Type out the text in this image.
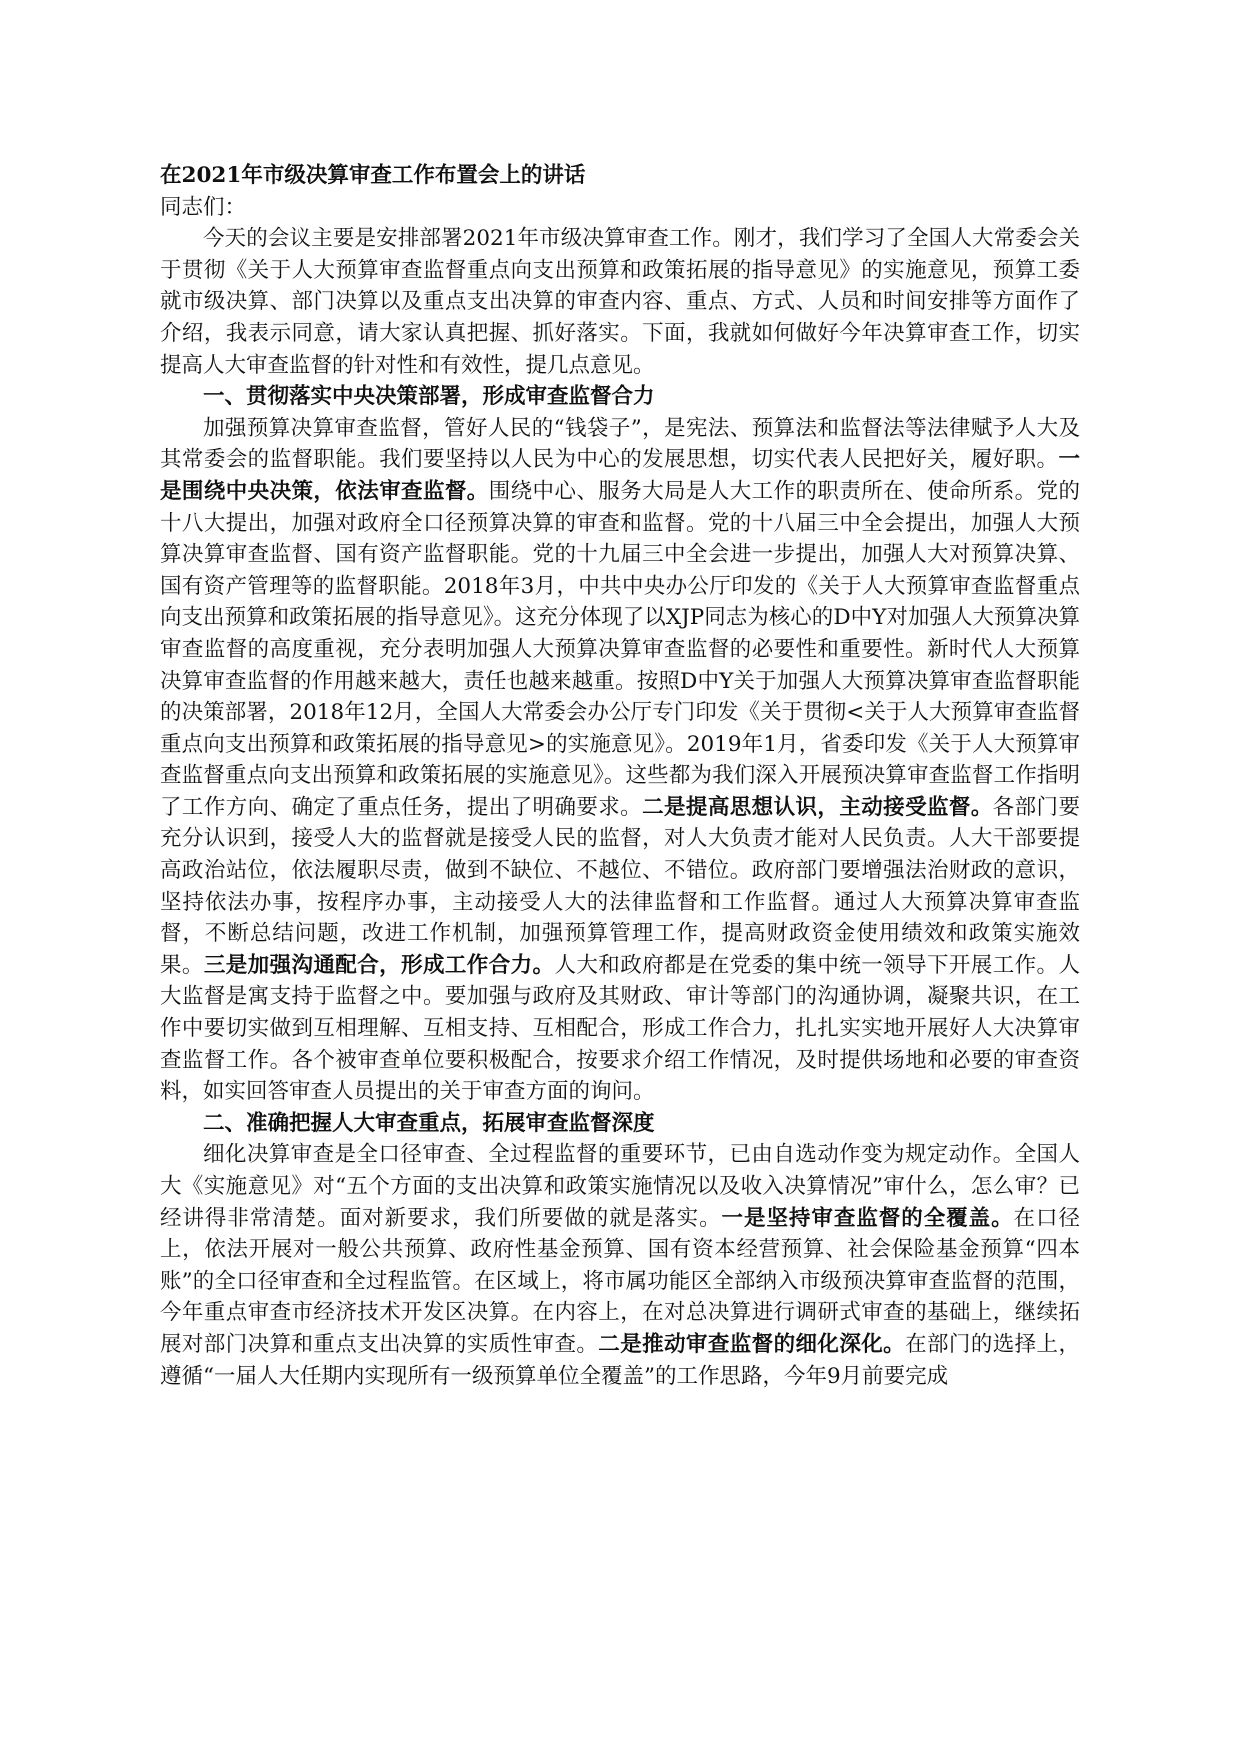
在2021年市级决算审查工作布置会上的讲话
同志们：

今天的会议主要是安排部署2021年市级决算审查工作。刚才，我们学习了全国人大常委会关于贯彻《关于人大预算审查监督重点向支出预算和政策拓展的指导意见》的实施意见，预算工委就市级决算、部门决算以及重点支出决算的审查内容、重点、方式、人员和时间安排等方面作了介绍，我表示同意，请大家认真把握、抓好落实。下面，我就如何做好今年决算审查工作，切实提高人大审查监督的针对性和有效性，提几点意见。

一、贯彻落实中央决策部署，形成审查监督合力

加强预算决算审查监督，管好人民的“钱袋子”，是宪法、预算法和监督法等法律赋予人大及其常委会的监督职能。我们要坚持以人民为中心的发展思想，切实代表人民把好关，履好职。一是围绕中央决策，依法审查监督。围绕中心、服务大局是人大工作的职责所在、使命所系。党的十八大提出，加强对政府全口径预算决算的审查和监督。党的十八届三中全会提出，加强人大预算决算审查监督、国有资产监督职能。党的十九届三中全会进一步提出，加强人大对预算决算、国有资产管理等的监督职能。2018年3月，中共中央办公厅印发的《关于人大预算审查监督重点向支出预算和政策拓展的指导意见》。这充分体现了以XJP同志为核心的D中Y对加强人大预算决算审查监督的高度重视，充分表明加强人大预算决算审查监督的必要性和重要性。新时代人大预算决算审查监督的作用越来越大，责任也越来越重。按照D中Y关于加强人大预算决算审查监督职能的决策部署，2018年12月，全国人大常委会办公厅专门印发《关于贯彻<关于人大预算审查监督重点向支出预算和政策拓展的指导意见>的实施意见》。2019年1月，省委印发《关于人大预算审查监督重点向支出预算和政策拓展的实施意见》。这些都为我们深入开展预决算审查监督工作指明了工作方向、确定了重点任务，提出了明确要求。二是提高思想认识，主动接受监督。各部门要充分认识到，接受人大的监督就是接受人民的监督，对人大负责才能对人民负责。人大干部要提高政治站位，依法履职尽责，做到不缺位、不越位、不错位。政府部门要增强法治财政的意识，坚持依法办事，按程序办事，主动接受人大的法律监督和工作监督。通过人大预算决算审查监督，不断总结问题，改进工作机制，加强预算管理工作，提高财政资金使用绩效和政策实施效果。三是加强沟通配合，形成工作合力。人大和政府都是在党委的集中统一领导下开展工作。人大监督是寓支持于监督之中。要加强与政府及其财政、审计等部门的沟通协调，凝聚共识，在工作中要切实做到互相理解、互相支持、互相配合，形成工作合力，扎扎实实地开展好人大决算审查监督工作。各个被审查单位要积极配合，按要求介绍工作情况，及时提供场地和必要的审查资料，如实回答审查人员提出的关于审查方面的询问。

二、准确把握人大审查重点，拓展审查监督深度

细化决算审查是全口径审查、全过程监督的重要环节，已由自选动作变为规定动作。全国人大《实施意见》对“五个方面的支出决算和政策实施情况以及收入决算情况”审什么，怎么审？已经讲得非常清楚。面对新要求，我们所要做的就是落实。一是坚持审查监督的全覆盖。在口径上，依法开展对一般公共预算、政府性基金预算、国有资本经营预算、社会保险基金预算“四本账”的全口径审查和全过程监管。在区域上，将市属功能区全部纳入市级预决算审查监督的范围，今年重点审查市经济技术开发区决算。在内容上，在对总决算进行调研式审查的基础上，继续拓展对部门决算和重点支出决算的实质性审查。二是推动审查监督的细化深化。在部门的选择上，遵循“一届人大任期内实现所有一级预算单位全覆盖”的工作思路，今年9月前要完成
